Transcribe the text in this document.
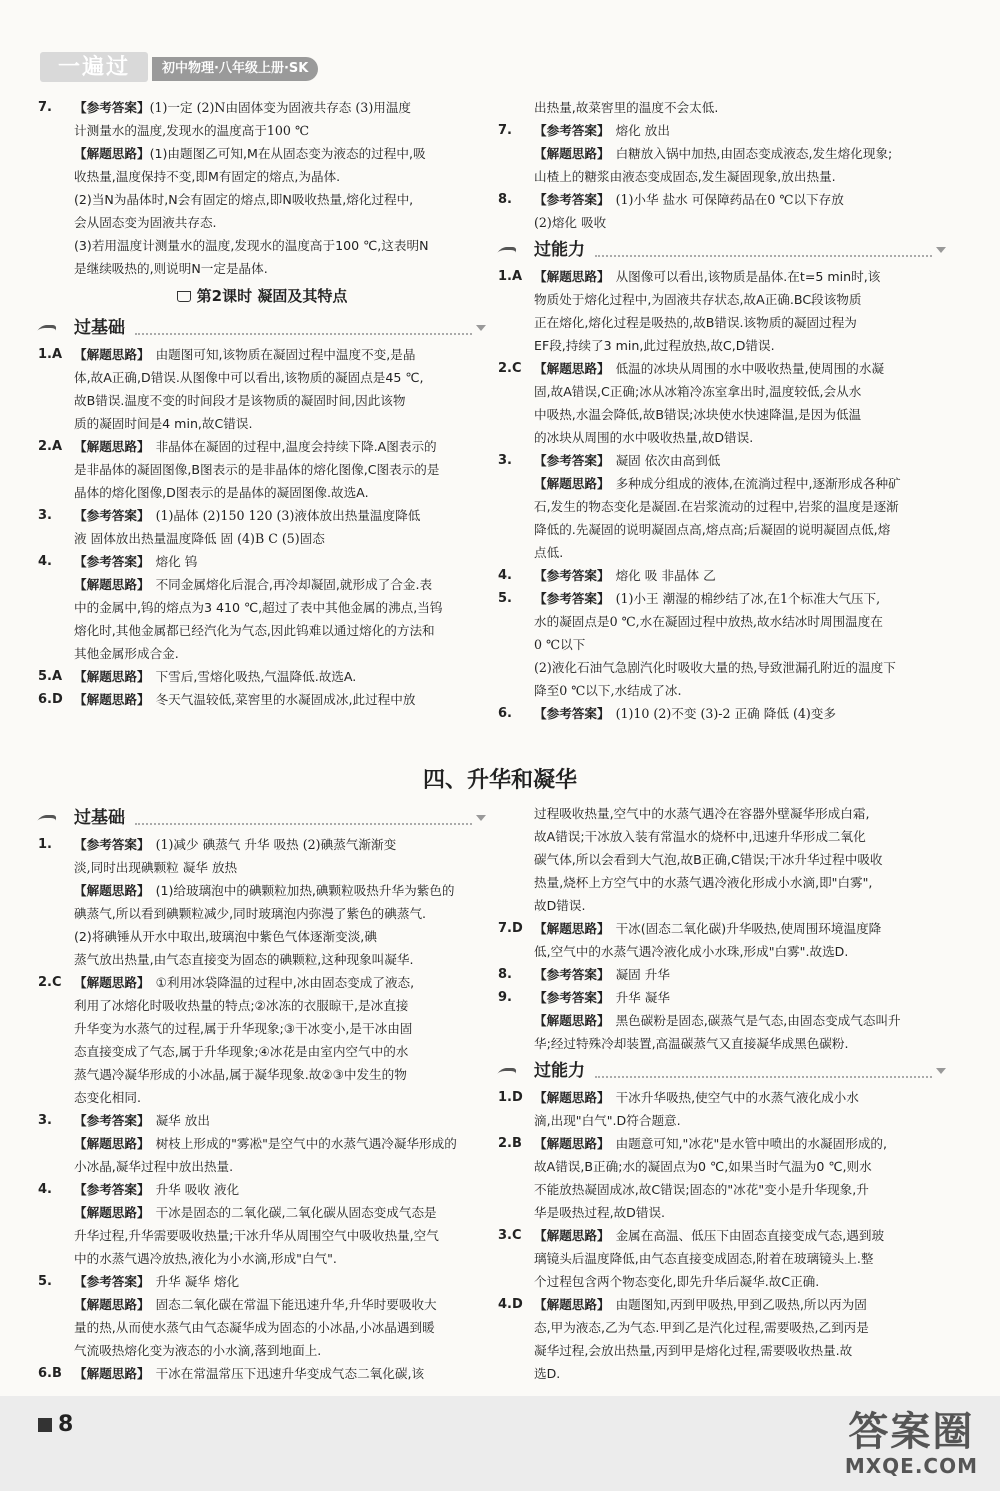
一遍过	初中物理·八年级上册·SK
7. 【参考答案】(1)一定 (2)N由固体变为固液共存态 (3)用温度

计测量水的温度,发现水的温度高于100 ℃

【解题思路】(1)由题图乙可知,M在从固态变为液态的过程中,吸

收热量,温度保持不变,即M有固定的熔点,为晶体.

(2)当N为晶体时,N会有固定的熔点,即N吸收热量,熔化过程中,

会从固态变为固液共存态.

(3)若用温度计测量水的温度,发现水的温度高于100 ℃,这表明N

是继续吸热的,则说明N一定是晶体.

第2课时 凝固及其特点
过基础
1.A 【解题思路】 由题图可知,该物质在凝固过程中温度不变,是晶

体,故A正确,D错误.从图像中可以看出,该物质的凝固点是45 ℃,

故B错误.温度不变的时间段才是该物质的凝固时间,因此该物

质的凝固时间是4 min,故C错误.

2.A 【解题思路】 非晶体在凝固的过程中,温度会持续下降.A图表示的

是非晶体的凝固图像,B图表示的是非晶体的熔化图像,C图表示的是

晶体的熔化图像,D图表示的是晶体的凝固图像.故选A.

3. 【参考答案】 (1)晶体 (2)150 120 (3)液体放出热量温度降低

液 固体放出热量温度降低 固 (4)B C (5)固态

4. 【参考答案】 熔化 钨

【解题思路】 不同金属熔化后混合,再冷却凝固,就形成了合金.表

中的金属中,钨的熔点为3 410 ℃,超过了表中其他金属的沸点,当钨

熔化时,其他金属都已经汽化为气态,因此钨难以通过熔化的方法和

其他金属形成合金.

5.A 【解题思路】 下雪后,雪熔化吸热,气温降低.故选A.

6.D 【解题思路】 冬天气温较低,菜窖里的水凝固成冰,此过程中放

出热量,故菜窖里的温度不会太低.

7. 【参考答案】 熔化 放出

【解题思路】 白糖放入锅中加热,由固态变成液态,发生熔化现象;

山楂上的糖浆由液态变成固态,发生凝固现象,放出热量.

8. 【参考答案】 (1)小华 盐水 可保障药品在0 ℃以下存放

(2)熔化 吸收

过能力
1.A 【解题思路】 从图像可以看出,该物质是晶体.在t=5 min时,该

物质处于熔化过程中,为固液共存状态,故A正确.BC段该物质

正在熔化,熔化过程是吸热的,故B错误.该物质的凝固过程为

EF段,持续了3 min,此过程放热,故C,D错误.

2.C 【解题思路】 低温的冰块从周围的水中吸收热量,使周围的水凝

固,故A错误,C正确;冰从冰箱冷冻室拿出时,温度较低,会从水

中吸热,水温会降低,故B错误;冰块使水快速降温,是因为低温

的冰块从周围的水中吸收热量,故D错误.

3. 【参考答案】 凝固 依次由高到低

【解题思路】 多种成分组成的液体,在流淌过程中,逐渐形成各种矿

石,发生的物态变化是凝固.在岩浆流动的过程中,岩浆的温度是逐渐

降低的.先凝固的说明凝固点高,熔点高;后凝固的说明凝固点低,熔

点低.

4. 【参考答案】 熔化 吸 非晶体 乙

5. 【参考答案】 (1)小王 潮湿的棉纱结了冰,在1个标准大气压下,

水的凝固点是0 ℃,水在凝固过程中放热,故水结冰时周围温度在

0 ℃以下

(2)液化石油气急剧汽化时吸收大量的热,导致泄漏孔附近的温度下

降至0 ℃以下,水结成了冰.

6. 【参考答案】 (1)10 (2)不变 (3)-2 正确 降低 (4)变多

四、升华和凝华
过基础
1. 【参考答案】 (1)减少 碘蒸气 升华 吸热 (2)碘蒸气渐渐变

淡,同时出现碘颗粒 凝华 放热

【解题思路】 (1)给玻璃泡中的碘颗粒加热,碘颗粒吸热升华为紫色的

碘蒸气,所以看到碘颗粒减少,同时玻璃泡内弥漫了紫色的碘蒸气.

(2)将碘锤从开水中取出,玻璃泡中紫色气体逐渐变淡,碘

蒸气放出热量,由气态直接变为固态的碘颗粒,这种现象叫凝华.

2.C 【解题思路】 ①利用冰袋降温的过程中,冰由固态变成了液态,

利用了冰熔化时吸收热量的特点;②冰冻的衣服晾干,是冰直接

升华变为水蒸气的过程,属于升华现象;③干冰变小,是干冰由固

态直接变成了气态,属于升华现象;④冰花是由室内空气中的水

蒸气遇冷凝华形成的小冰晶,属于凝华现象.故②③中发生的物

态变化相同.

3. 【参考答案】 凝华 放出

【解题思路】 树枝上形成的"雾凇"是空气中的水蒸气遇冷凝华形成的

小冰晶,凝华过程中放出热量.

4. 【参考答案】 升华 吸收 液化

【解题思路】 干冰是固态的二氧化碳,二氧化碳从固态变成气态是

升华过程,升华需要吸收热量;干冰升华从周围空气中吸收热量,空气

中的水蒸气遇冷放热,液化为小水滴,形成"白气".

5. 【参考答案】 升华 凝华 熔化

【解题思路】 固态二氧化碳在常温下能迅速升华,升华时要吸收大

量的热,从而使水蒸气由气态凝华成为固态的小冰晶,小冰晶遇到暖

气流吸热熔化变为液态的小水滴,落到地面上.

6.B 【解题思路】 干冰在常温常压下迅速升华变成气态二氧化碳,该

过程吸收热量,空气中的水蒸气遇冷在容器外壁凝华形成白霜,

故A错误;干冰放入装有常温水的烧杯中,迅速升华形成二氧化

碳气体,所以会看到大气泡,故B正确,C错误;干冰升华过程中吸收

热量,烧杯上方空气中的水蒸气遇冷液化形成小水滴,即"白雾",

故D错误.

7.D 【解题思路】 干冰(固态二氧化碳)升华吸热,使周围环境温度降

低,空气中的水蒸气遇冷液化成小水珠,形成"白雾".故选D.

8. 【参考答案】 凝固 升华

9. 【参考答案】 升华 凝华

【解题思路】 黑色碳粉是固态,碳蒸气是气态,由固态变成气态叫升

华;经过特殊冷却装置,高温碳蒸气又直接凝华成黑色碳粉.

过能力
1.D 【解题思路】 干冰升华吸热,使空气中的水蒸气液化成小水

滴,出现"白气".D符合题意.

2.B 【解题思路】 由题意可知,"冰花"是水管中喷出的水凝固形成的,

故A错误,B正确;水的凝固点为0 ℃,如果当时气温为0 ℃,则水

不能放热凝固成冰,故C错误;固态的"冰花"变小是升华现象,升

华是吸热过程,故D错误.

3.C 【解题思路】 金属在高温、低压下由固态直接变成气态,遇到玻

璃镜头后温度降低,由气态直接变成固态,附着在玻璃镜头上.整

个过程包含两个物态变化,即先升华后凝华.故C正确.

4.D 【解题思路】 由题图知,丙到甲吸热,甲到乙吸热,所以丙为固

态,甲为液态,乙为气态.甲到乙是汽化过程,需要吸热,乙到丙是

凝华过程,会放出热量,丙到甲是熔化过程,需要吸收热量.故

选D.

8	答案圈
MXQE.COM
